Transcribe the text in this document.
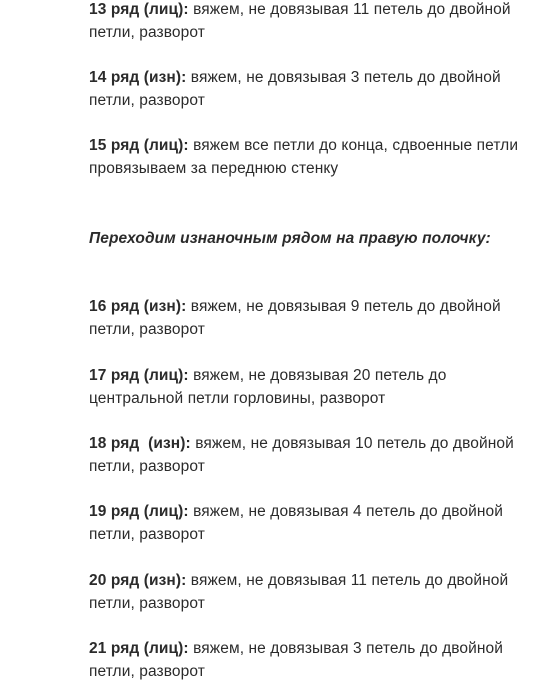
13 ряд (лиц): вяжем, не довязывая 11 петель до двойной петли, разворот

14 ряд (изн): вяжем, не довязывая 3 петель до двойной петли, разворот

15 ряд (лиц): вяжем все петли до конца, сдвоенные петли провязываем за переднюю стенку

Переходим изнаночным рядом на правую полочку:

16 ряд (изн): вяжем, не довязывая 9 петель до двойной петли, разворот

17 ряд (лиц): вяжем, не довязывая 20 петель до центральной петли горловины, разворот

18 ряд  (изн): вяжем, не довязывая 10 петель до двойной петли, разворот

19 ряд (лиц): вяжем, не довязывая 4 петель до двойной петли, разворот

20 ряд (изн): вяжем, не довязывая 11 петель до двойной петли, разворот

21 ряд (лиц): вяжем, не довязывая 3 петель до двойной петли, разворот
